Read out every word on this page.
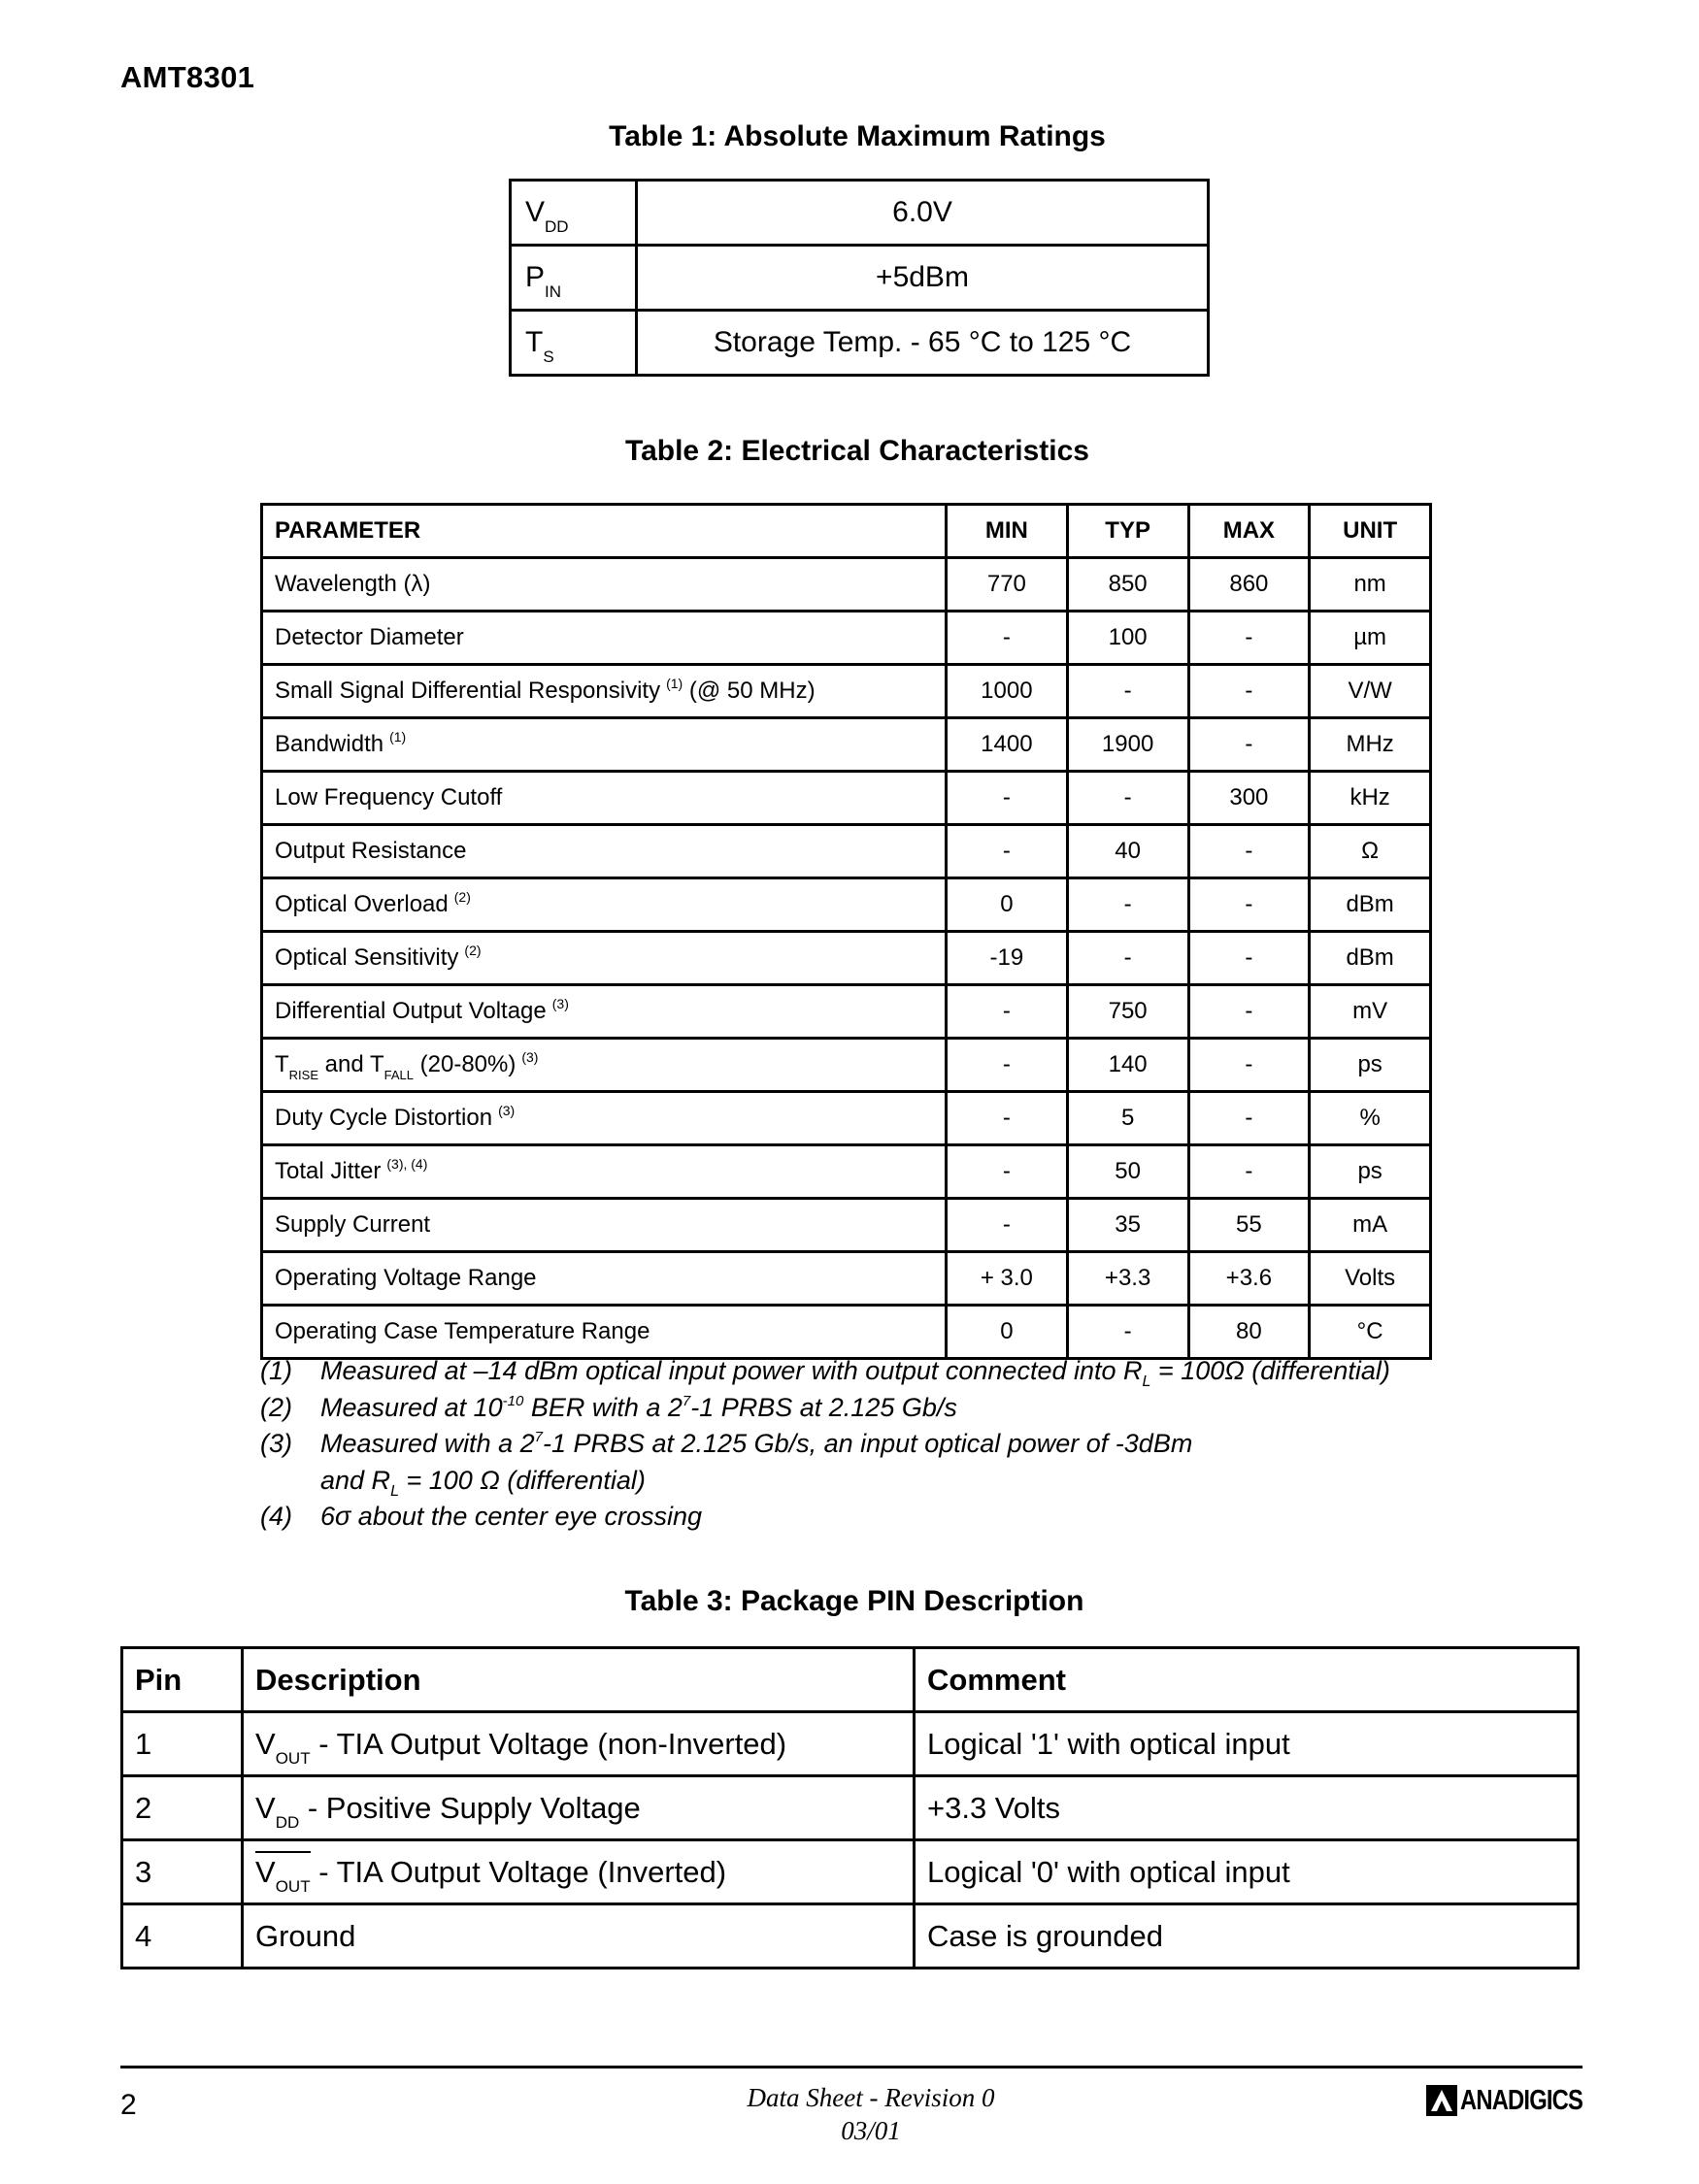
AMT8301
Table 1: Absolute Maximum Ratings
$V_{DD}$	6.0V
$P_{IN}$	+5dBm
$T_S$	Storage Temp. - 65 °C to 125 °C
Table 2: Electrical Characteristics
PARAMETER	MIN	TYP	MAX	UNIT
Wavelength (λ)	770	850	860	nm
Detector Diameter	-	100	-	µm
Small Signal Differential Responsivity $^{(1)}$ (@ 50 MHz)	1000	-	-	V/W
Bandwidth $^{(1)}$	1400	1900	-	MHz
Low Frequency Cutoff	-	-	300	kHz
Output Resistance	-	40	-	Ω
Optical Overload $^{(2)}$	0	-	-	dBm
Optical Sensitivity $^{(2)}$	-19	-	-	dBm
Differential Output Voltage $^{(3)}$	-	750	-	mV
$T_{RISE}$ and $T_{FALL}$ (20-80%) $^{(3)}$	-	140	-	ps
Duty Cycle Distortion $^{(3)}$	-	5	-	%
Total Jitter $^{(3), (4)}$	-	50	-	ps
Supply Current	-	35	55	mA
Operating Voltage Range	+ 3.0	+3.3	+3.6	Volts
Operating Case Temperature Range	0	-	80	°C
(1)	Measured at –14 dBm optical input power with output connected into $R_L = 100\Omega$ (differential)
(2)	Measured at $10^{-10}$ BER with a $2^7-1$ PRBS at 2.125 Gb/s
(3)	Measured with a $2^7-1$ PRBS at 2.125 Gb/s, an input optical power of -3dBm
and $R_L = 100$ Ω (differential)
(4)	6σ about the center eye crossing
Table 3: Package PIN Description
Pin	Description	Comment
1	$V_{OUT}$ - TIA Output Voltage (non-Inverted)	Logical '1' with optical input
2	$V_{DD}$ - Positive Supply Voltage	+3.3 Volts
3	$V_{OUT}$ - TIA Output Voltage (Inverted)	Logical '0' with optical input
4	Ground	Case is grounded
2	Data Sheet - Revision 0
03/01
ANADIGICS
